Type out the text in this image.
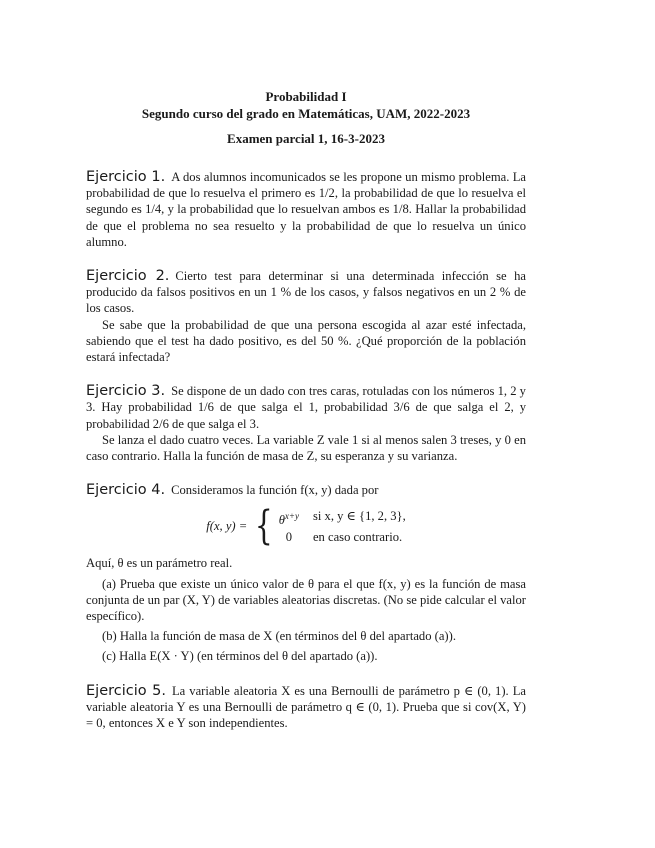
Probabilidad I
Segundo curso del grado en Matemáticas, UAM, 2022-2023
Examen parcial 1, 16-3-2023

Ejercicio 1. A dos alumnos incomunicados se les propone un mismo problema. La probabilidad de que lo resuelva el primero es 1/2, la probabilidad de que lo resuelva el segundo es 1/4, y la probabilidad que lo resuelvan ambos es 1/8. Hallar la probabilidad de que el problema no sea resuelto y la probabilidad de que lo resuelva un único alumno.

Ejercicio 2. Cierto test para determinar si una determinada infección se ha producido da falsos positivos en un 1 % de los casos, y falsos negativos en un 2 % de los casos.

Se sabe que la probabilidad de que una persona escogida al azar esté infectada, sabiendo que el test ha dado positivo, es del 50 %. ¿Qué proporción de la población estará infectada?

Ejercicio 3. Se dispone de un dado con tres caras, rotuladas con los números 1, 2 y 3. Hay probabilidad 1/6 de que salga el 1, probabilidad 3/6 de que salga el 2, y probabilidad 2/6 de que salga el 3.

Se lanza el dado cuatro veces. La variable Z vale 1 si al menos salen 3 treses, y 0 en caso contrario. Halla la función de masa de Z, su esperanza y su varianza.

Ejercicio 4. Consideramos la función f(x, y) dada por

f(x, y) = { $\theta^{x+y}$ si x, y ∈ {1, 2, 3},
0	en caso contrario.

Aquí, θ es un parámetro real.

(a) Prueba que existe un único valor de θ para el que f(x, y) es la función de masa conjunta de un par (X, Y) de variables aleatorias discretas. (No se pide calcular el valor específico).

(b) Halla la función de masa de X (en términos del θ del apartado (a)).

(c) Halla E(X · Y) (en términos del θ del apartado (a)).

Ejercicio 5. La variable aleatoria X es una Bernoulli de parámetro p ∈ (0, 1). La variable aleatoria Y es una Bernoulli de parámetro q ∈ (0, 1). Prueba que si cov(X, Y) = 0, entonces X e Y son independientes.
